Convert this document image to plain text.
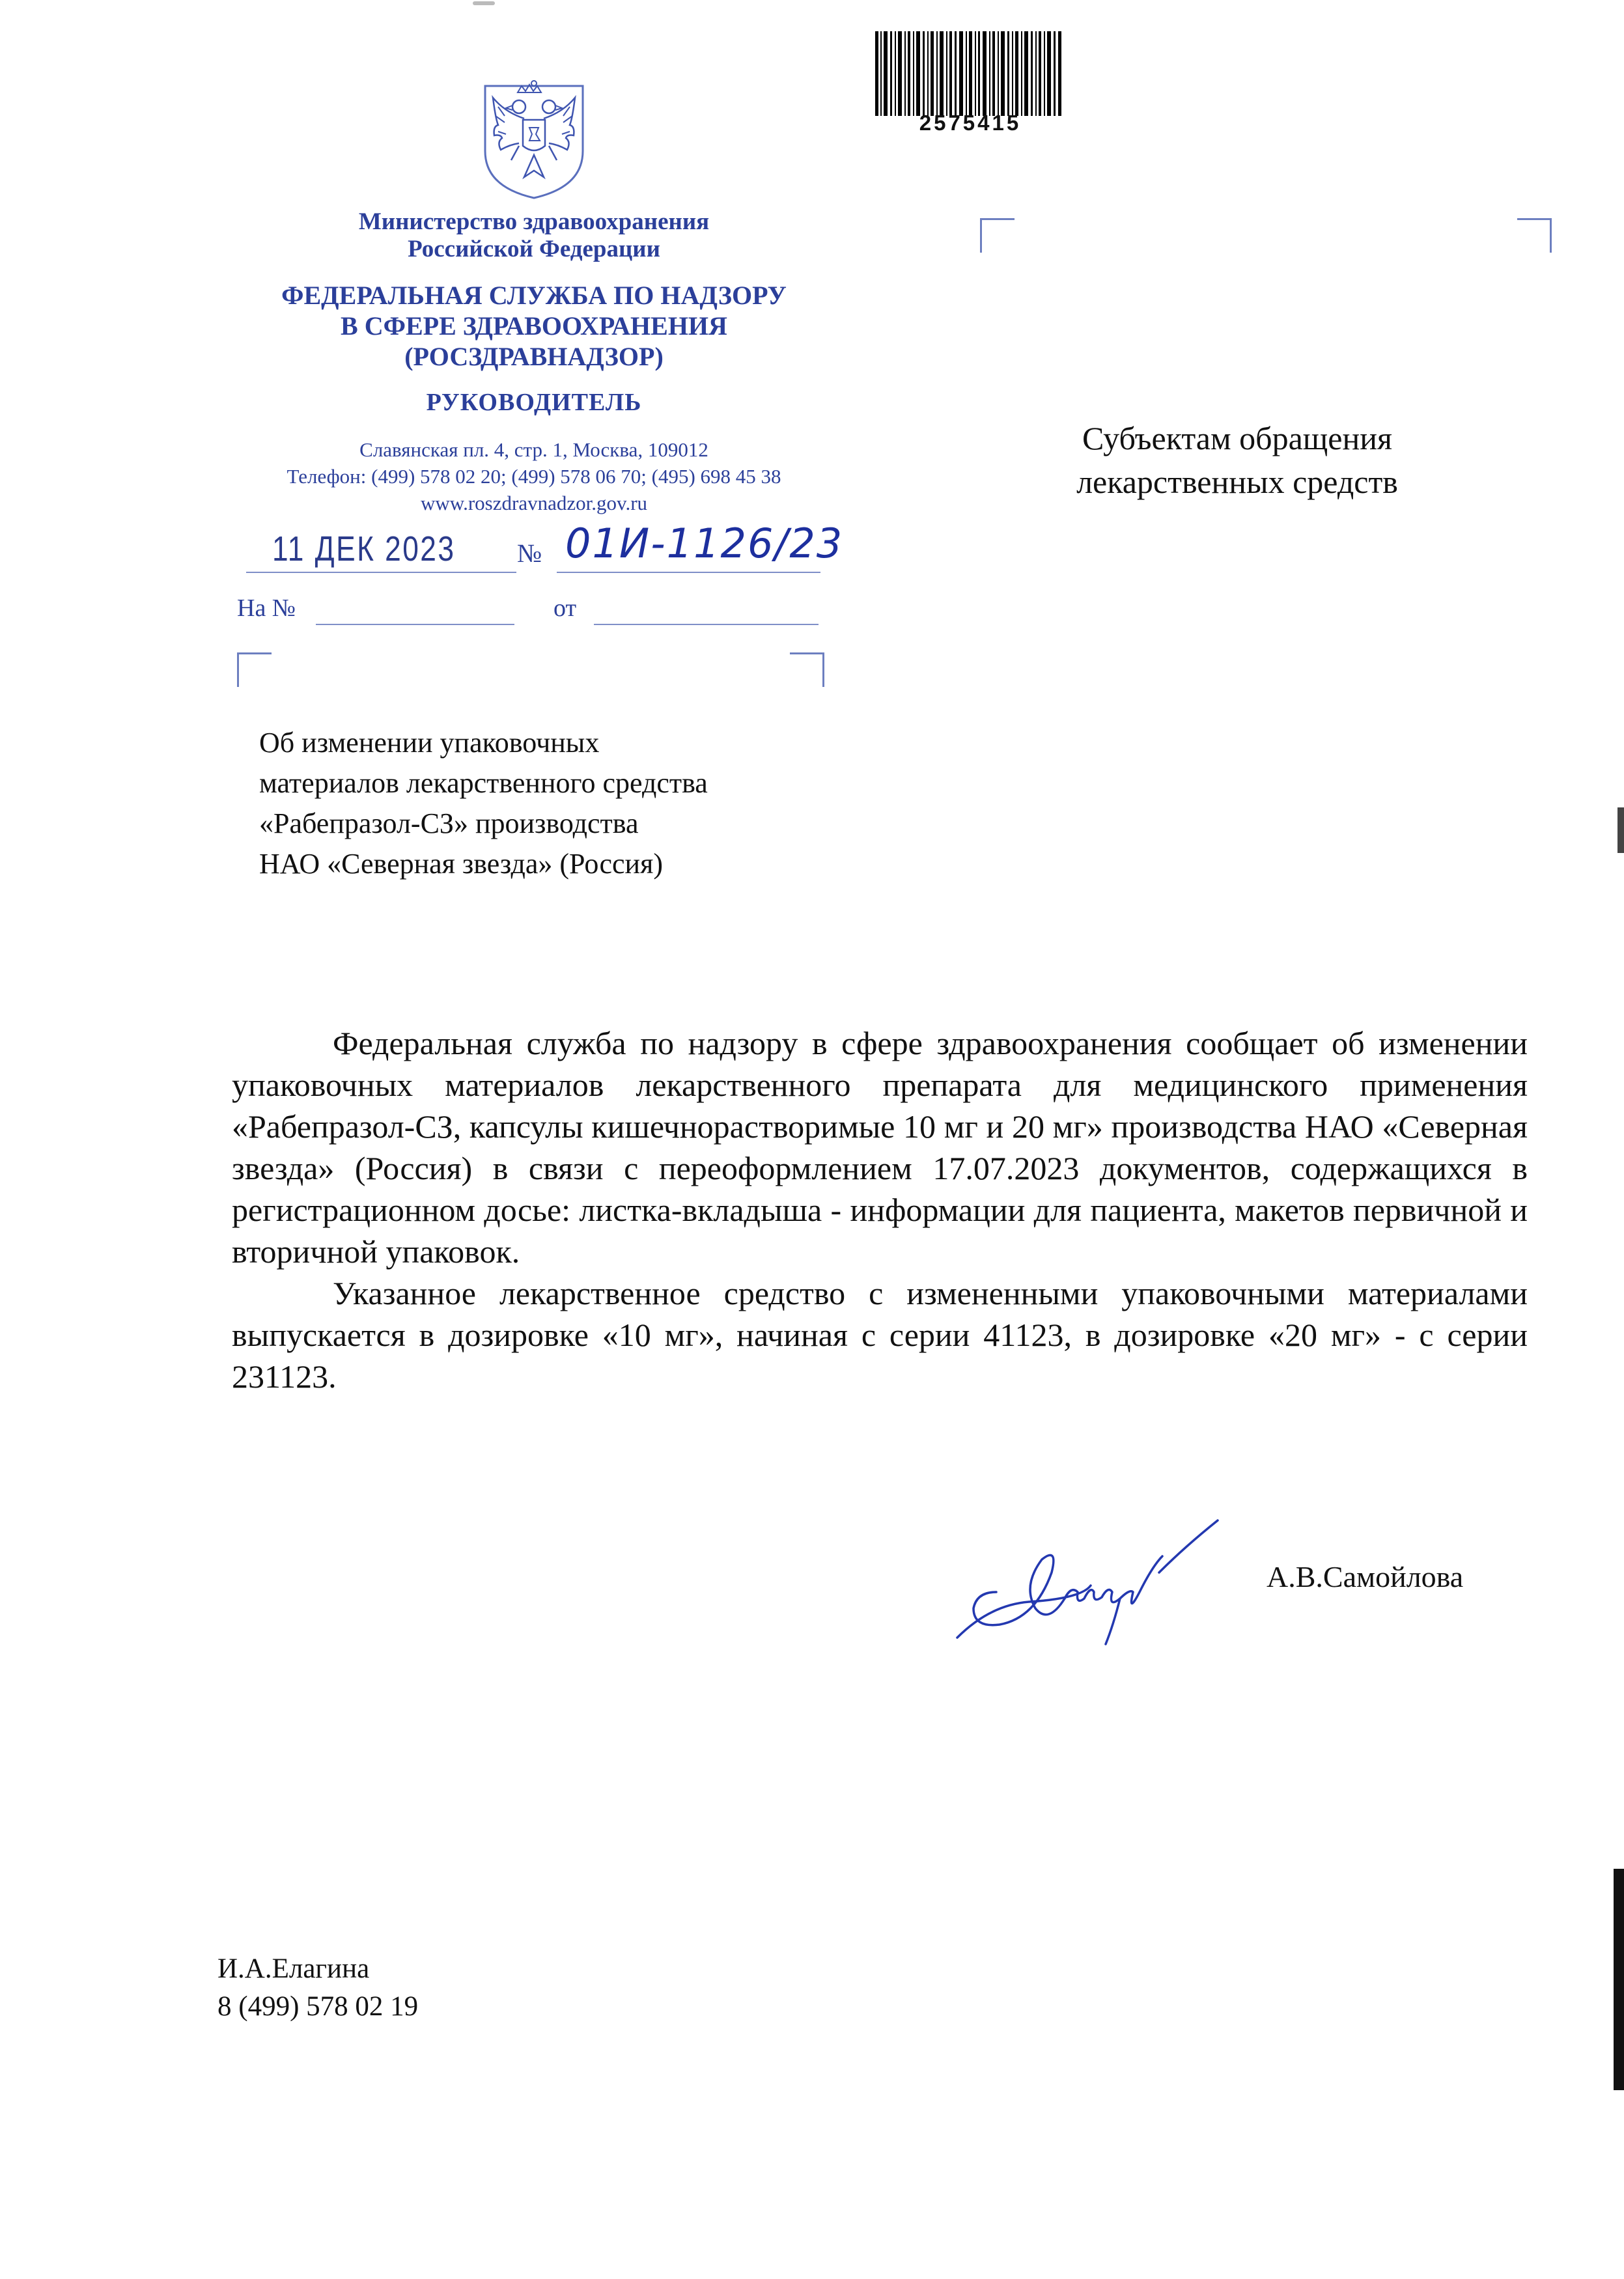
Министерство здравоохранения
Российской Федерации
ФЕДЕРАЛЬНАЯ СЛУЖБА ПО НАДЗОРУ
В СФЕРЕ ЗДРАВООХРАНЕНИЯ
(РОСЗДРАВНАДЗОР)
РУКОВОДИТЕЛЬ
Славянская пл. 4, стр. 1, Москва, 109012
Телефон: (499) 578 02 20; (499) 578 06 70; (495) 698 45 38
www.roszdravnadzor.gov.ru
2575415
Субъектам обращения
лекарственных средств
11 ДЕК 2023 № 01И-1126/23
На №	от
Об изменении упаковочных
материалов лекарственного средства
«Рабепразол-СЗ» производства
НАО «Северная звезда» (Россия)

Федеральная служба по надзору в сфере здравоохранения сообщает об изменении упаковочных материалов лекарственного препарата для медицинского применения «Рабепразол-СЗ, капсулы кишечнорастворимые 10 мг и 20 мг» производства НАО «Северная звезда» (Россия) в связи с переоформлением 17.07.2023 документов, содержащихся в регистрационном досье: листка-вкладыша - информации для пациента, макетов первичной и вторичной упаковок.

Указанное лекарственное средство с измененными упаковочными материалами выпускается в дозировке «10 мг», начиная с серии 41123, в дозировке «20 мг» - с серии 231123.

А.В.Самойлова
И.А.Елагина
8 (499) 578 02 19
